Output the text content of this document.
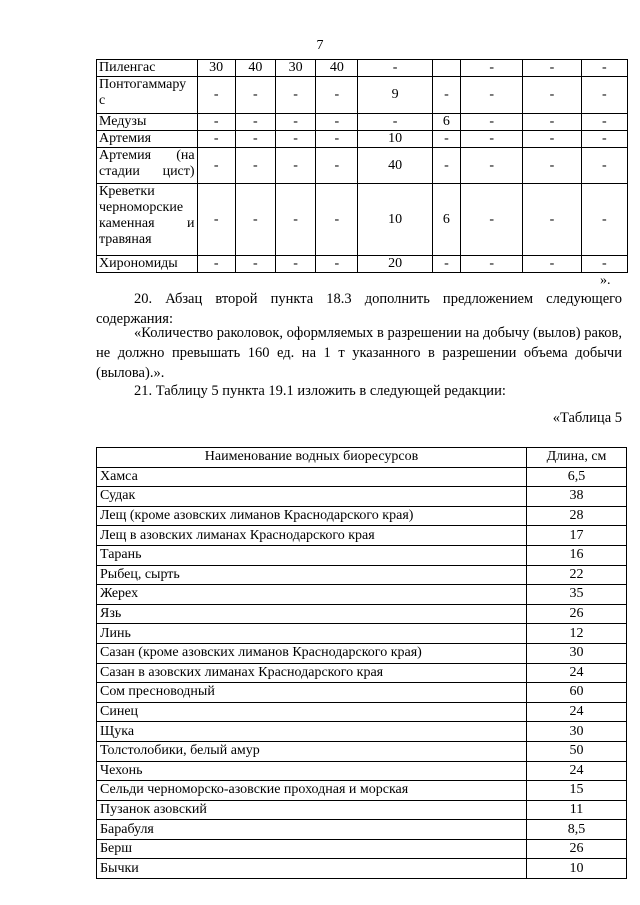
7
Пиленгас	30	40	30	40	-		-	-	-
Понтогаммару с	-	-	-	-	9	-	-	-	-
Медузы	-	-	-	-	-	6	-	-	-
Артемия	-	-	-	-	10	-	-	-	-
Артемия (на стадии цист)	-	-	-	-	40	-	-	-	-
Креветки черноморские каменная и травяная	-	-	-	-	10	6	-	-	-
Хирономиды	-	-	-	-	20	-	-	-	-
».
20. Абзац второй пункта 18.3 дополнить предложением следующего содержания:
«Количество раколовок, оформляемых в разрешении на добычу (вылов) раков, не должно превышать 160 ед. на 1 т указанного в разрешении объема добычи (вылова).».
21. Таблицу 5 пункта 19.1 изложить в следующей редакции:
«Таблица 5
Наименование водных биоресурсов	Длина, см
Хамса	6,5
Судак	38
Лещ (кроме азовских лиманов Краснодарского края)	28
Лещ в азовских лиманах Краснодарского края	17
Тарань	16
Рыбец, сырть	22
Жерех	35
Язь	26
Линь	12
Сазан (кроме азовских лиманов Краснодарского края)	30
Сазан в азовских лиманах Краснодарского края	24
Сом пресноводный	60
Синец	24
Щука	30
Толстолобики, белый амур	50
Чехонь	24
Сельди черноморско-азовские проходная и морская	15
Пузанок азовский	11
Барабуля	8,5
Берш	26
Бычки	10
